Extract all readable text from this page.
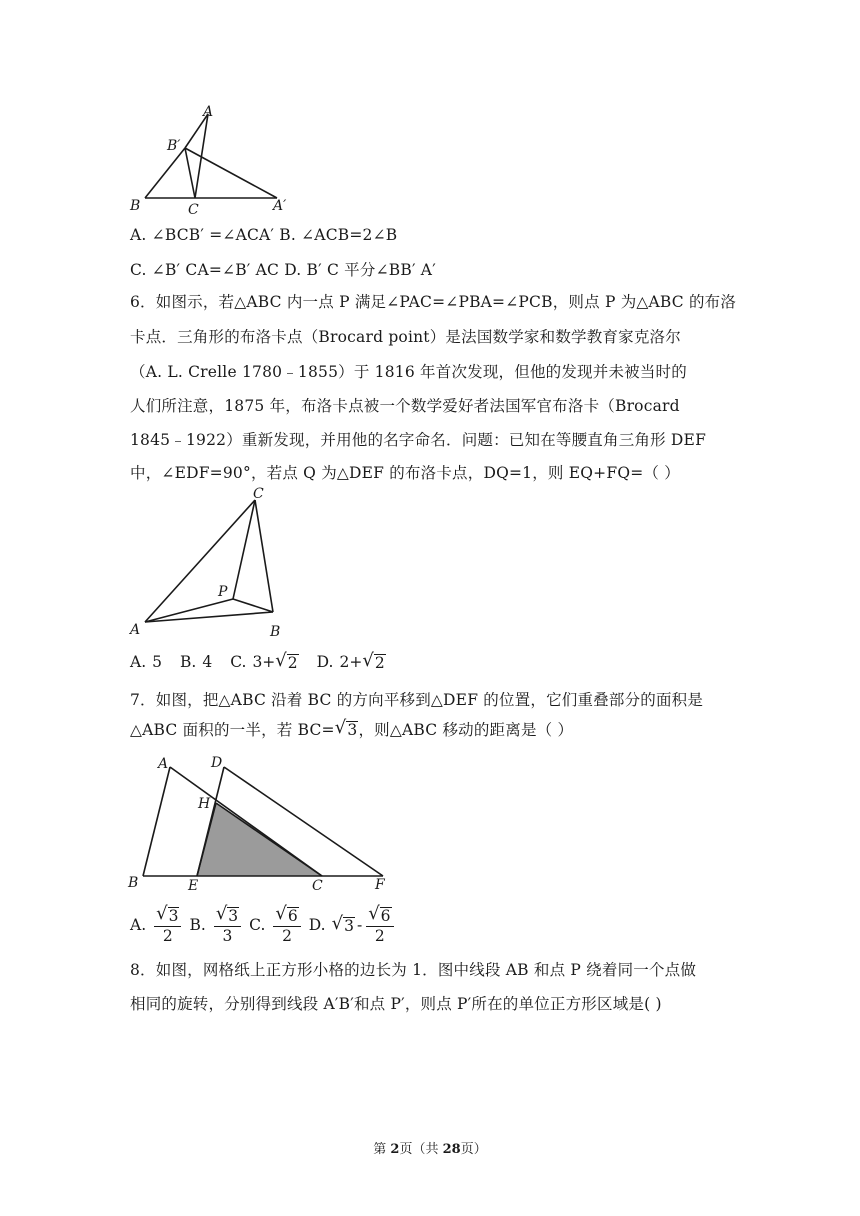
A
B′
B	C	A′
A. ∠BCB′ =∠ACA′ B. ∠ACB=2∠B
C. ∠B′ CA=∠B′ AC D. B′ C 平分∠BB′ A′
6．如图示，若△ABC 内一点 P 满足∠PAC=∠PBA=∠PCB，则点 P 为△ABC 的布洛
卡点．三角形的布洛卡点（Brocard point）是法国数学家和数学教育家克洛尔
（A. L. Crelle 1780﹣1855）于 1816 年首次发现，但他的发现并未被当时的
人们所注意，1875 年，布洛卡点被一个数学爱好者法国军官布洛卡（Brocard
1845﹣1922）重新发现，并用他的名字命名．问题：已知在等腰直角三角形 DEF
中，∠EDF=90°，若点 Q 为△DEF 的布洛卡点，DQ=1，则 EQ+FQ=（ ）
C
P
A	B
A. 5 B. 4 C. 3+ √ 2 D. 2+ √ 2
7．如图，把△ABC 沿着 BC 的方向平移到△DEF 的位置，它们重叠部分的面积是
△ABC 面积的一半，若 BC= √ 3 ，则△ABC 移动的距离是（ ）
A	D
H
B	E	C	F
A. $\frac{√ 3}{2} B$. $\frac{√ 3}{3} C$. $\frac{√ 6}{2} D$. √ $3 - \frac{√ 6}{2}$
8．如图，网格纸上正方形小格的边长为 1．图中线段 AB 和点 P 绕着同一个点做
相同的旋转，分别得到线段 A′B′和点 P′，则点 P′所在的单位正方形区域是( )
第 2页（共 28页）
